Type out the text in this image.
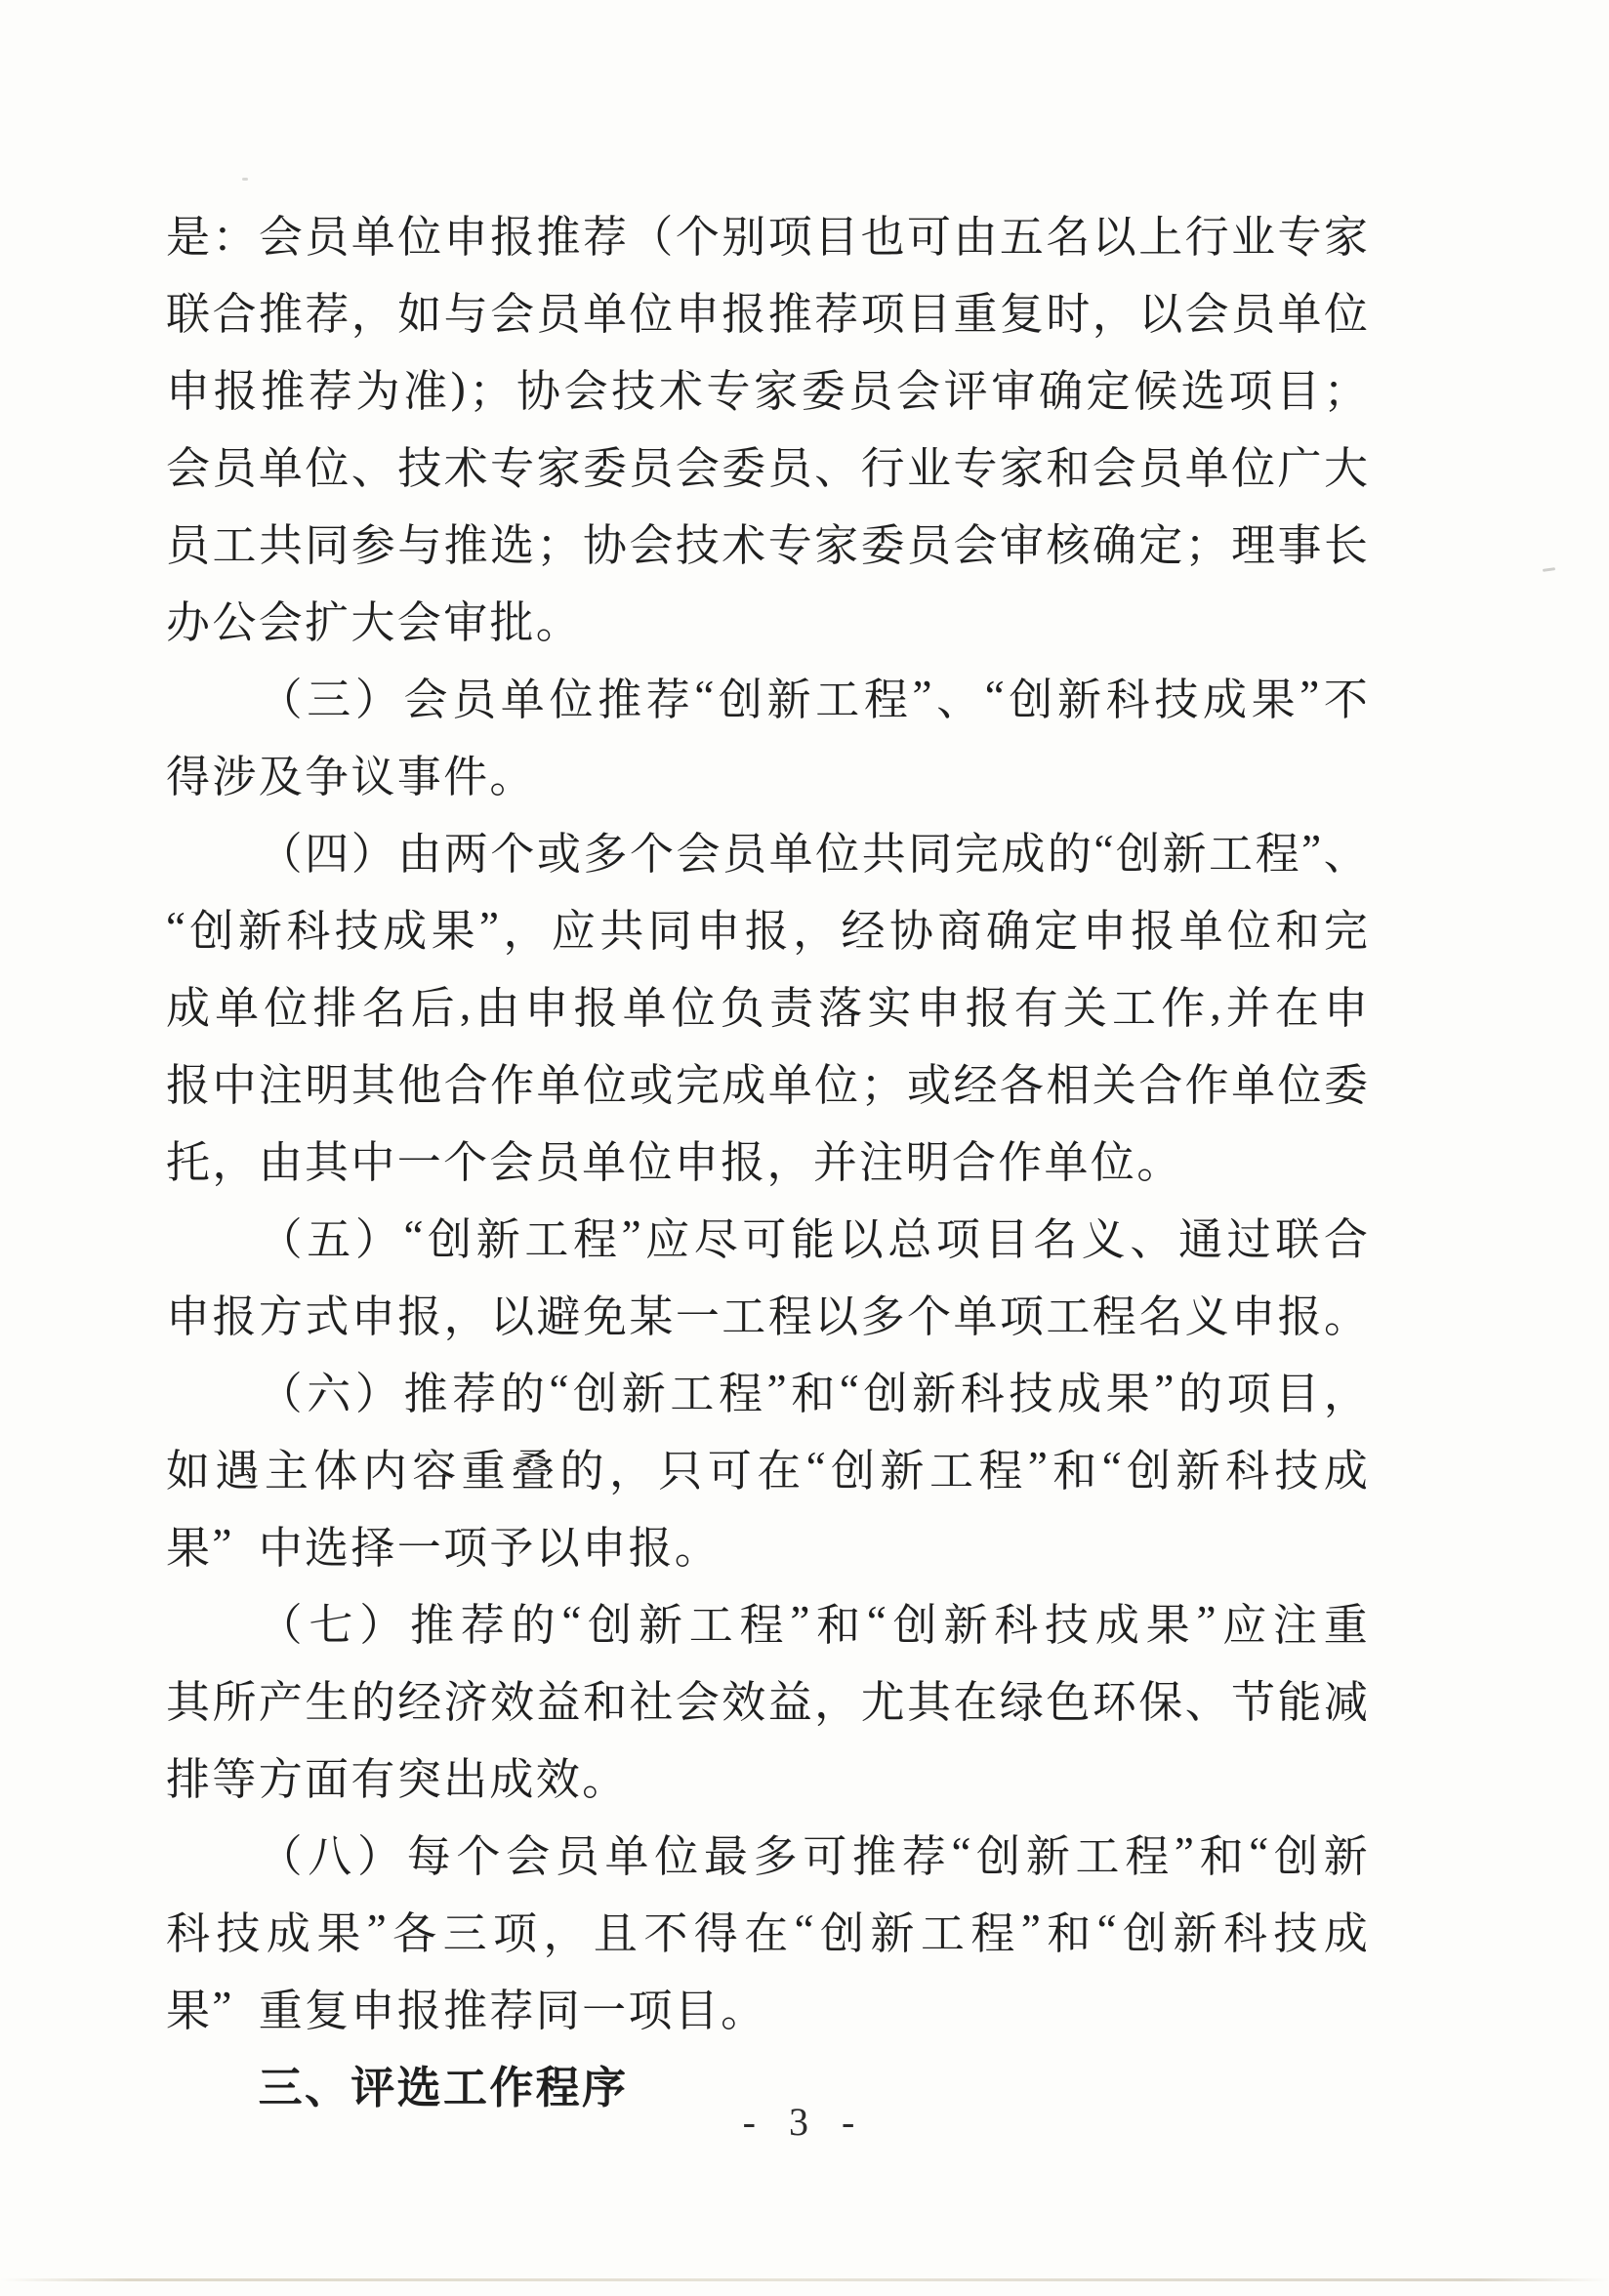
是 ： 会 员 单 位 申 报 推 荐 （ 个 别 项 目 也 可 由 五 名 以 上 行 业 专 家
联 合 推 荐 ， 如 与 会 员 单 位 申 报 推 荐 项 目 重 复 时 ， 以 会 员 单 位
申 报 推 荐 为 准 ) ； 协 会 技 术 专 家 委 员 会 评 审 确 定 候 选 项 目 ；
会 员 单 位 、 技 术 专 家 委 员 会 委 员 、 行 业 专 家 和 会 员 单 位 广 大
员 工 共 同 参 与 推 选 ； 协 会 技 术 专 家 委 员 会 审 核 确 定 ； 理 事 长
办 公 会 扩 大 会 审 批 。
（ 三 ） 会 员 单 位 推 荐 “ 创 新 工 程 ” 、 “ 创 新 科 技 成 果 ” 不
得 涉 及 争 议 事 件 。
（ 四 ） 由 两 个 或 多 个 会 员 单 位 共 同 完 成 的 “ 创 新 工 程 ” 、
“ 创 新 科 技 成 果 ” ， 应 共 同 申 报 ， 经 协 商 确 定 申 报 单 位 和 完
成 单 位 排 名 后 , 由 申 报 单 位 负 责 落 实 申 报 有 关 工 作 , 并 在 申
报 中 注 明 其 他 合 作 单 位 或 完 成 单 位 ； 或 经 各 相 关 合 作 单 位 委
托 ， 由 其 中 一 个 会 员 单 位 申 报 ， 并 注 明 合 作 单 位 。
（ 五 ） “ 创 新 工 程 ” 应 尽 可 能 以 总 项 目 名 义 、 通 过 联 合
申 报 方 式 申 报 ， 以 避 免 某 一 工 程 以 多 个 单 项 工 程 名 义 申 报 。
（ 六 ） 推 荐 的 “ 创 新 工 程 ” 和 “ 创 新 科 技 成 果 ” 的 项 目 ，
如 遇 主 体 内 容 重 叠 的 ， 只 可 在 “ 创 新 工 程 ” 和 “ 创 新 科 技 成
果 ” 中 选 择 一 项 予 以 申 报 。
（ 七 ） 推 荐 的 “ 创 新 工 程 ” 和 “ 创 新 科 技 成 果 ” 应 注 重
其 所 产 生 的 经 济 效 益 和 社 会 效 益 ， 尤 其 在 绿 色 环 保 、 节 能 减
排 等 方 面 有 突 出 成 效 。
（ 八 ） 每 个 会 员 单 位 最 多 可 推 荐 “ 创 新 工 程 ” 和 “ 创 新
科 技 成 果 ” 各 三 项 ， 且 不 得 在 “ 创 新 工 程 ” 和 “ 创 新 科 技 成
果 ” 重 复 申 报 推 荐 同 一 项 目 。
三 、 评 选 工 作 程 序
- 3 -
